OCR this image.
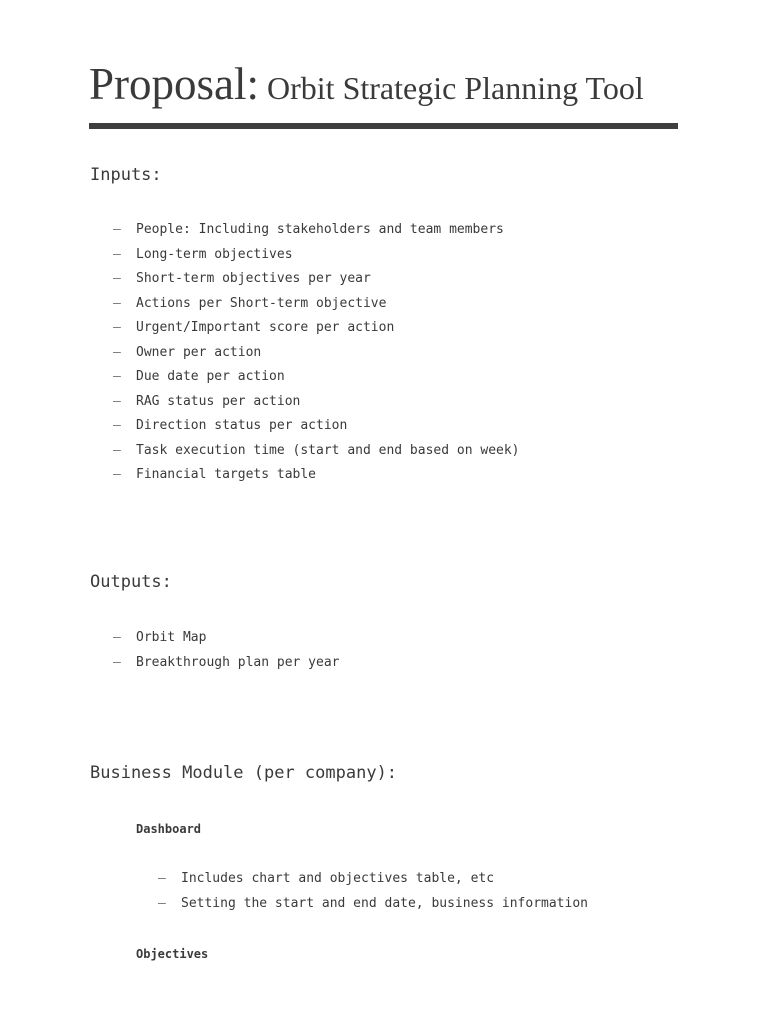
Proposal: Orbit Strategic Planning Tool
Inputs:
– People: Including stakeholders and team members
– Long-term objectives
– Short-term objectives per year
– Actions per Short-term objective
– Urgent/Important score per action
– Owner per action
– Due date per action
– RAG status per action
– Direction status per action
– Task execution time (start and end based on week)
– Financial targets table
Outputs:
– Orbit Map
– Breakthrough plan per year
Business Module (per company):
Dashboard
– Includes chart and objectives table, etc
– Setting the start and end date, business information
Objectives
